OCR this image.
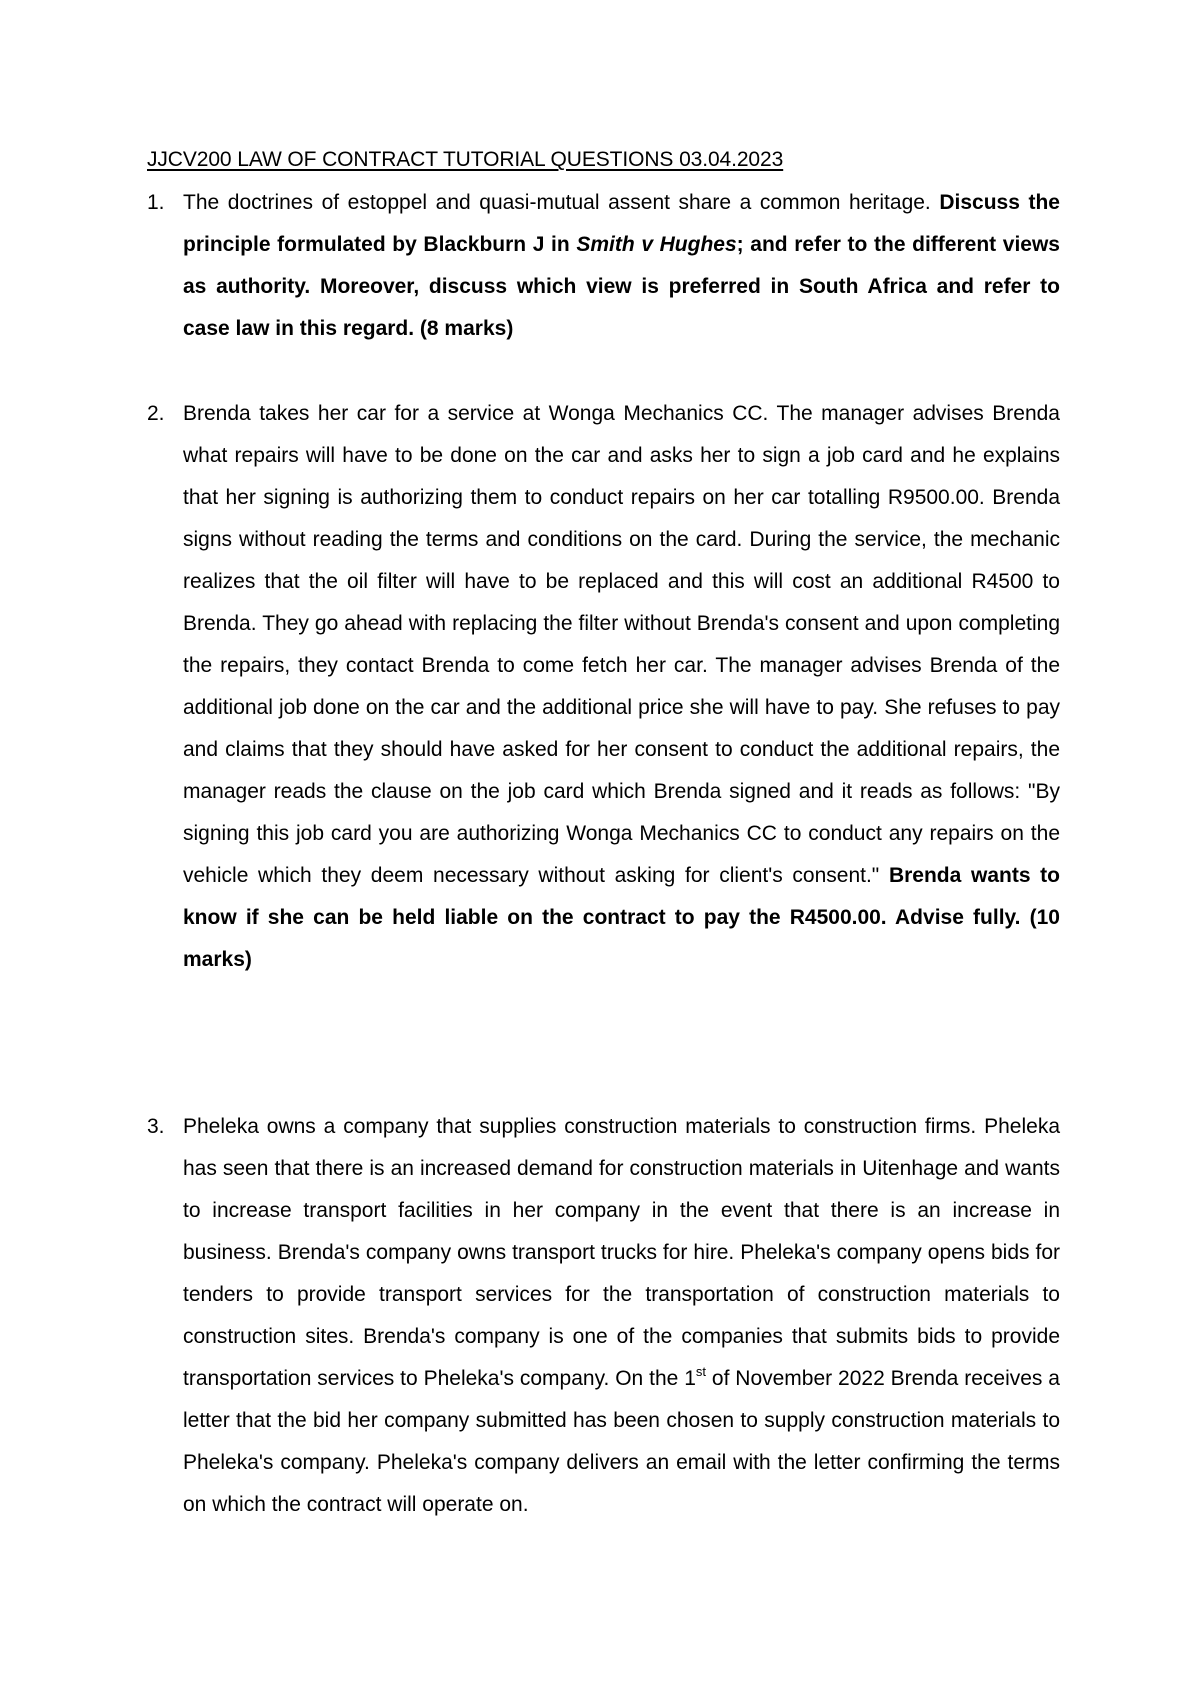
JJCV200 LAW OF CONTRACT TUTORIAL QUESTIONS 03.04.2023
1. The doctrines of estoppel and quasi-mutual assent share a common heritage. Discuss the principle formulated by Blackburn J in Smith v Hughes; and refer to the different views as authority. Moreover, discuss which view is preferred in South Africa and refer to case law in this regard. (8 marks)
2. Brenda takes her car for a service at Wonga Mechanics CC. The manager advises Brenda what repairs will have to be done on the car and asks her to sign a job card and he explains that her signing is authorizing them to conduct repairs on her car totalling R9500.00. Brenda signs without reading the terms and conditions on the card. During the service, the mechanic realizes that the oil filter will have to be replaced and this will cost an additional R4500 to Brenda. They go ahead with replacing the filter without Brenda's consent and upon completing the repairs, they contact Brenda to come fetch her car. The manager advises Brenda of the additional job done on the car and the additional price she will have to pay. She refuses to pay and claims that they should have asked for her consent to conduct the additional repairs, the manager reads the clause on the job card which Brenda signed and it reads as follows: "By signing this job card you are authorizing Wonga Mechanics CC to conduct any repairs on the vehicle which they deem necessary without asking for client's consent." Brenda wants to know if she can be held liable on the contract to pay the R4500.00. Advise fully. (10 marks)
3. Pheleka owns a company that supplies construction materials to construction firms. Pheleka has seen that there is an increased demand for construction materials in Uitenhage and wants to increase transport facilities in her company in the event that there is an increase in business. Brenda's company owns transport trucks for hire. Pheleka's company opens bids for tenders to provide transport services for the transportation of construction materials to construction sites. Brenda's company is one of the companies that submits bids to provide transportation services to Pheleka's company. On the 1st of November 2022 Brenda receives a letter that the bid her company submitted has been chosen to supply construction materials to Pheleka's company. Pheleka's company delivers an email with the letter confirming the terms on which the contract will operate on.
